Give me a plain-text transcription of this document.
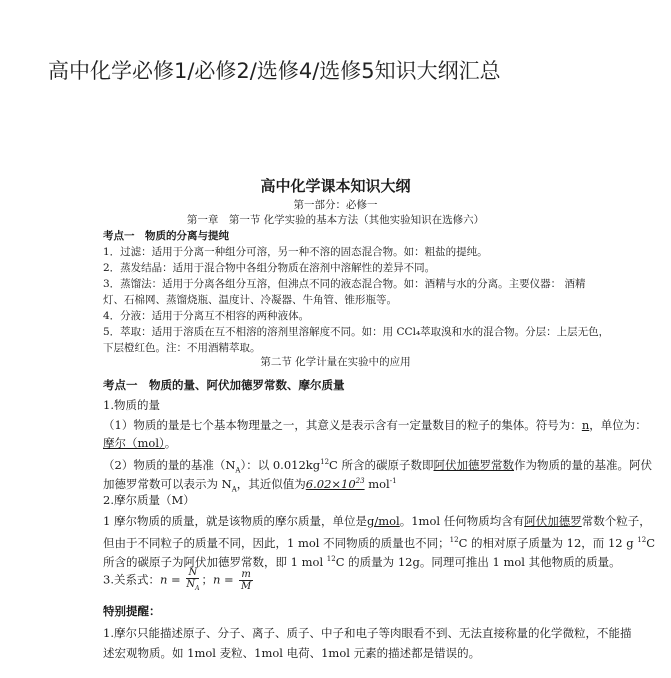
高中化学必修1/必修2/选修4/选修5知识大纲汇总
高中化学课本知识大纲
第一部分：必修一
第一章　第一节 化学实验的基本方法（其他实验知识在选修六）
考点一　物质的分离与提纯
1．过滤：适用于分离一种组分可溶，另一种不溶的固态混合物。如：粗盐的提纯。
2．蒸发结晶：适用于混合物中各组分物质在溶剂中溶解性的差异不同。
3．蒸馏法：适用于分离各组分互溶，但沸点不同的液态混合物。如：酒精与水的分离。主要仪器： 酒精
灯、石棉网、蒸馏烧瓶、温度计、冷凝器、牛角管、锥形瓶等。
4．分液：适用于分离互不相容的两种液体。
5．萃取：适用于溶质在互不相溶的溶剂里溶解度不同。如：用 CCl₄萃取溴和水的混合物。分层：上层无色，
下层橙红色。注：不用酒精萃取。
第二节 化学计量在实验中的应用
考点一　物质的量、阿伏加德罗常数、摩尔质量
1.物质的量
（1）物质的量是七个基本物理量之一，其意义是表示含有一定量数目的粒子的集体。符号为：n，单位为：
摩尔（mol）。
（2）物质的量的基准$(N_A)$：以 $0.012kg^{12}C$ 所含的碳原子数即阿伏加德罗常数作为物质的量的基准。阿伏
加德罗常数可以表示为 $N_A$，其近似值为$6.02\times 10^{23}$ mol$^{-1}$
2.摩尔质量（M）
1 摩尔物质的质量，就是该物质的摩尔质量，单位是g/mol。1mol 任何物质均含有阿伏加德罗常数个粒子，
但由于不同粒子的质量不同，因此，1 mol 不同物质的质量也不同；$^{12}$C 的相对原子质量为 12，而 12 g $^{12}$C
所含的碳原子为阿伏加德罗常数，即 1 mol $^{12}$C 的质量为 12g。同理可推出 1 mol 其他物质的质量。
3.关系式：$n = \frac{N}{N_A}$ ；$n = \frac{m}{M}$
特别提醒：
1.摩尔只能描述原子、分子、离子、质子、中子和电子等肉眼看不到、无法直接称量的化学微粒，不能描
述宏观物质。如 1mol 麦粒、1mol 电荷、1mol 元素的描述都是错误的。
